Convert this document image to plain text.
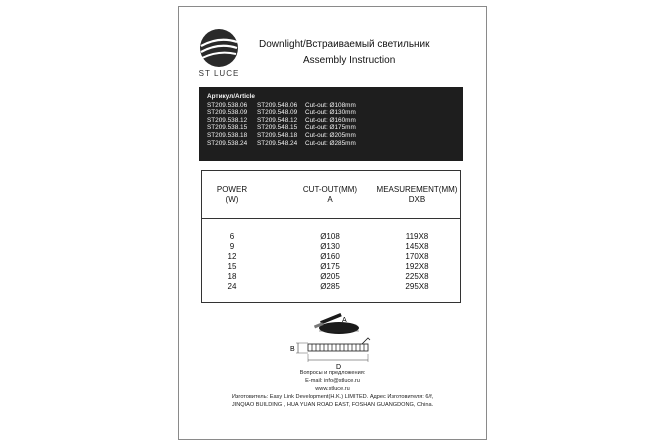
ST LUCE
Downlight/Встраиваемый светильник
Assembly Instruction
Артикул/Article
ST209.538.06 ST209.548.06 Cut-out: Ø108mm
ST209.538.09 ST209.548.09 Cut-out: Ø130mm
ST209.538.12 ST209.548.12 Cut-out: Ø160mm
ST209.538.15 ST209.548.15 Cut-out: Ø175mm
ST209.538.18 ST209.548.18 Cut-out: Ø205mm
ST209.538.24 ST209.548.24 Cut-out: Ø285mm
POWER
(W)
CUT-OUT(MM)
A
MEASUREMENT(MM)
DXB
6
9
12
15
18
24
Ø108
Ø130
Ø160
Ø175
Ø205
Ø285
119X8
145X8
170X8
192X8
225X8
295X8
A
B
D
Вопросы и предложения:
E-mail: info@stluce.ru
www.stluce.ru
Изготовитель: Easy Link Development(H.K.) LIMITED. Адрес Изготовителя: 6/f,
JINQIAO BUILDING , HUA YUAN ROAD EAST, FOSHAN GUANGDONG, China.
